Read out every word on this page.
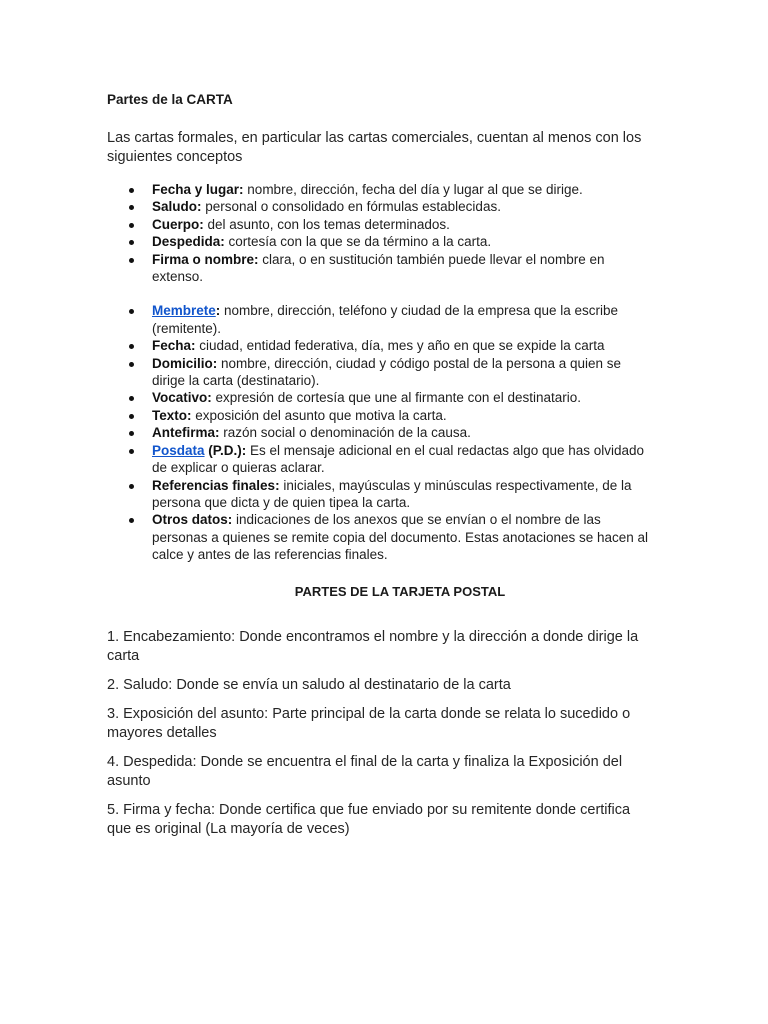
Partes de la CARTA

Las cartas formales, en particular las cartas comerciales, cuentan al menos con los siguientes conceptos

Fecha y lugar: nombre, dirección, fecha del día y lugar al que se dirige.
Saludo: personal o consolidado en fórmulas establecidas.
Cuerpo: del asunto, con los temas determinados.
Despedida: cortesía con la que se da término a la carta.
Firma o nombre: clara, o en sustitución también puede llevar el nombre en extenso.
Membrete: nombre, dirección, teléfono y ciudad de la empresa que la escribe (remitente).
Fecha: ciudad, entidad federativa, día, mes y año en que se expide la carta
Domicilio: nombre, dirección, ciudad y código postal de la persona a quien se dirige la carta (destinatario).
Vocativo: expresión de cortesía que une al firmante con el destinatario.
Texto: exposición del asunto que motiva la carta.
Antefirma: razón social o denominación de la causa.
Posdata (P.D.): Es el mensaje adicional en el cual redactas algo que has olvidado de explicar o quieras aclarar.
Referencias finales: iniciales, mayúsculas y minúsculas respectivamente, de la persona que dicta y de quien tipea la carta.
Otros datos: indicaciones de los anexos que se envían o el nombre de las personas a quienes se remite copia del documento. Estas anotaciones se hacen al calce y antes de las referencias finales.
PARTES DE LA TARJETA POSTAL

1. Encabezamiento: Donde encontramos el nombre y la dirección a donde dirige la carta

2. Saludo: Donde se envía un saludo al destinatario de la carta

3. Exposición del asunto: Parte principal de la carta donde se relata lo sucedido o mayores detalles

4. Despedida: Donde se encuentra el final de la carta y finaliza la Exposición del asunto

5. Firma y fecha: Donde certifica que fue enviado por su remitente donde certifica que es original (La mayoría de veces)
